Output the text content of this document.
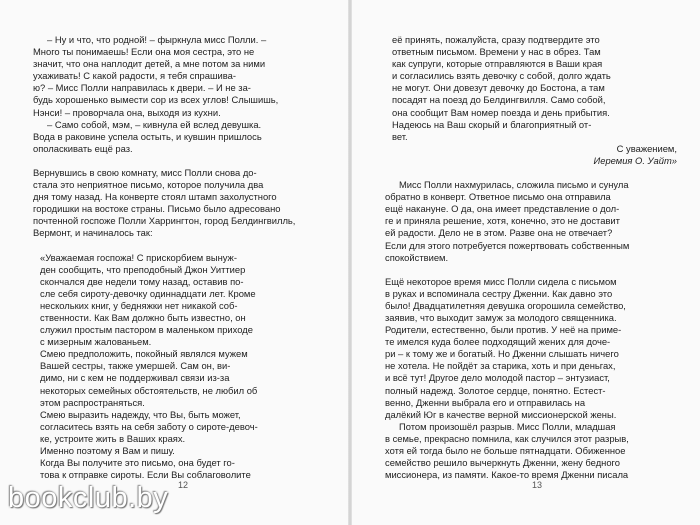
– Ну и что, что родной! – фыркнула мисс Полли. –
Много ты понимаешь! Если она моя сестра, это не
значит, что она наплодит детей, а мне потом за ними
ухаживать! С какой радости, я тебя спрашива-
ю? – Мисс Полли направилась к двери. – И не за-
будь хорошенько вымести сор из всех углов! Слышишь,
Нэнси! – проворчала она, выходя из кухни.
– Само собой, мэм, – кивнула ей вслед девушка.
Вода в раковине успела остыть, и кувшин пришлось
ополаскивать ещё раз.
Вернувшись в свою комнату, мисс Полли снова до-
стала это неприятное письмо, которое получила два
дня тому назад. На конверте стоял штамп захолустного
городишки на востоке страны. Письмо было адресовано
почтенной госпоже Полли Харрингтон, город Белдингвилль,
Вермонт, и начиналось так:
«Уважаемая госпожа! С прискорбием вынуж-
ден сообщить, что преподобный Джон Уиттиер
скончался две недели тому назад, оставив по-
сле себя сироту-девочку одиннадцати лет. Кроме
нескольких книг, у бедняжки нет никакой соб-
ственности. Как Вам должно быть известно, он
служил простым пастором в маленьком приходе
с мизерным жалованьем.
Смею предположить, покойный являлся мужем
Вашей сестры, также умершей. Сам он, ви-
димо, ни с кем не поддерживал связи из-за
некоторых семейных обстоятельств, не любил об
этом распространяться.
Смею выразить надежду, что Вы, быть может,
согласитесь взять на себя заботу о сироте-девоч-
ке, устроите жить в Ваших краях.
Именно поэтому я Вам и пишу.
Когда Вы получите это письмо, она будет го-
това к отправке сироты. Если Вы соблаговолите
её принять, пожалуйста, сразу подтвердите это
ответным письмом. Времени у нас в обрез. Там
как супруги, которые отправляются в Ваши края
и согласились взять девочку с собой, долго ждать
не могут. Они довезут девочку до Бостона, а там
посадят на поезд до Белдингвилля. Само собой,
она сообщит Вам номер поезда и день прибытия.
Надеюсь на Ваш скорый и благоприятный от-
вет.
С уважением,
Иеремия О. Уайт»
Мисс Полли нахмурилась, сложила письмо и сунула
обратно в конверт. Ответное письмо она отправила
ещё накануне. О да, она имеет представление о дол-
ге и приняла решение, хотя, конечно, это не доставит
ей радости. Дело не в этом. Разве она не отвечает?
Если для этого потребуется пожертвовать собственным
спокойствием.
Ещё некоторое время мисс Полли сидела с письмом
в руках и вспоминала сестру Дженни. Как давно это
было! Двадцатилетняя девушка огорошила семейство,
заявив, что выходит замуж за молодого священника.
Родители, естественно, были против. У неё на приме-
те имелся куда более подходящий жених для доче-
ри – к тому же и богатый. Но Дженни слышать ничего
не хотела. Не пойдёт за старика, хоть и при деньгах,
и всё тут! Другое дело молодой пастор – энтузиаст,
полный надежд. Золотое сердце, понятно. Естест-
венно, Дженни выбрала его и отправилась на
далёкий Юг в качестве верной миссионерской жены.
Потом произошёл разрыв. Мисс Полли, младшая
в семье, прекрасно помнила, как случился этот разрыв,
хотя ей тогда было не больше пятнадцати. Обиженное
семейство решило вычеркнуть Дженни, жену бедного
миссионера, из памяти. Какое-то время Дженни писала
12	13
bookclub.by
